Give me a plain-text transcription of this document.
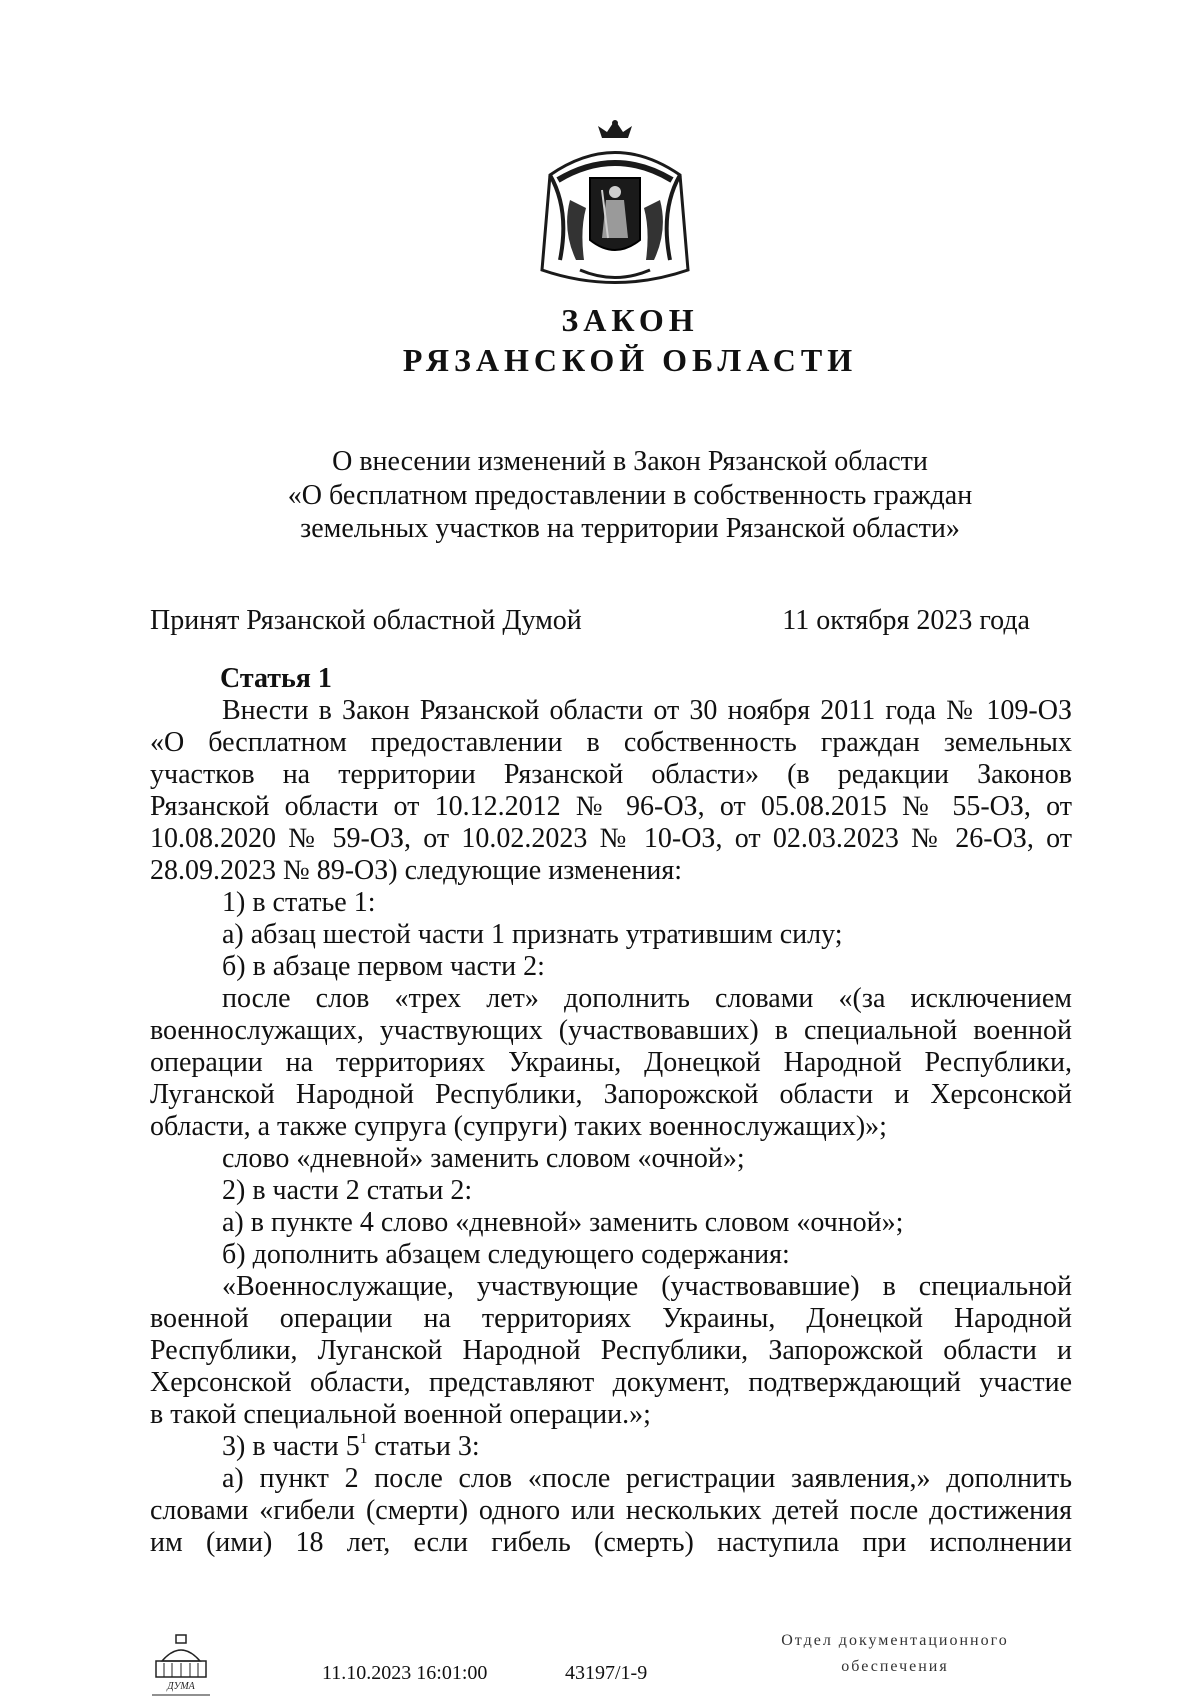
ЗАКОН
РЯЗАНСКОЙ ОБЛАСТИ
О внесении изменений в Закон Рязанской области
«О бесплатном предоставлении в собственность граждан
земельных участков на территории Рязанской области»
Принят Рязанской областной Думой	11 октября 2023 года
Статья 1

Внести в Закон Рязанской области от 30 ноября 2011 года № 109-ОЗ

«О бесплатном предоставлении в собственность граждан земельных

участков на территории Рязанской области» (в редакции Законов

Рязанской области от 10.12.2012 № 96-ОЗ, от 05.08.2015 № 55-ОЗ, от

10.08.2020 № 59-ОЗ, от 10.02.2023 № 10-ОЗ, от 02.03.2023 № 26-ОЗ, от

28.09.2023 № 89-ОЗ) следующие изменения:

1) в статье 1:

а) абзац шестой части 1 признать утратившим силу;

б) в абзаце первом части 2:

после слов «трех лет» дополнить словами «(за исключением

военнослужащих, участвующих (участвовавших) в специальной военной

операции на территориях Украины, Донецкой Народной Республики,

Луганской Народной Республики, Запорожской области и Херсонской

области, а также супруга (супруги) таких военнослужащих)»;

слово «дневной» заменить словом «очной»;

2) в части 2 статьи 2:

а) в пункте 4 слово «дневной» заменить словом «очной»;

б) дополнить абзацем следующего содержания:

«Военнослужащие, участвующие (участвовавшие) в специальной

военной операции на территориях Украины, Донецкой Народной

Республики, Луганской Народной Республики, Запорожской области и

Херсонской области, представляют документ, подтверждающий участие

в такой специальной военной операции.»;

3) в части $5^1$ статьи 3:

а) пункт 2 после слов «после регистрации заявления,» дополнить

словами «гибели (смерти) одного или нескольких детей после достижения

им (ими) 18 лет, если гибель (смерть) наступила при исполнении

ДУМА
11.10.2023 16:01:00	43197/1-9
Отдел документационного
обеспечения
